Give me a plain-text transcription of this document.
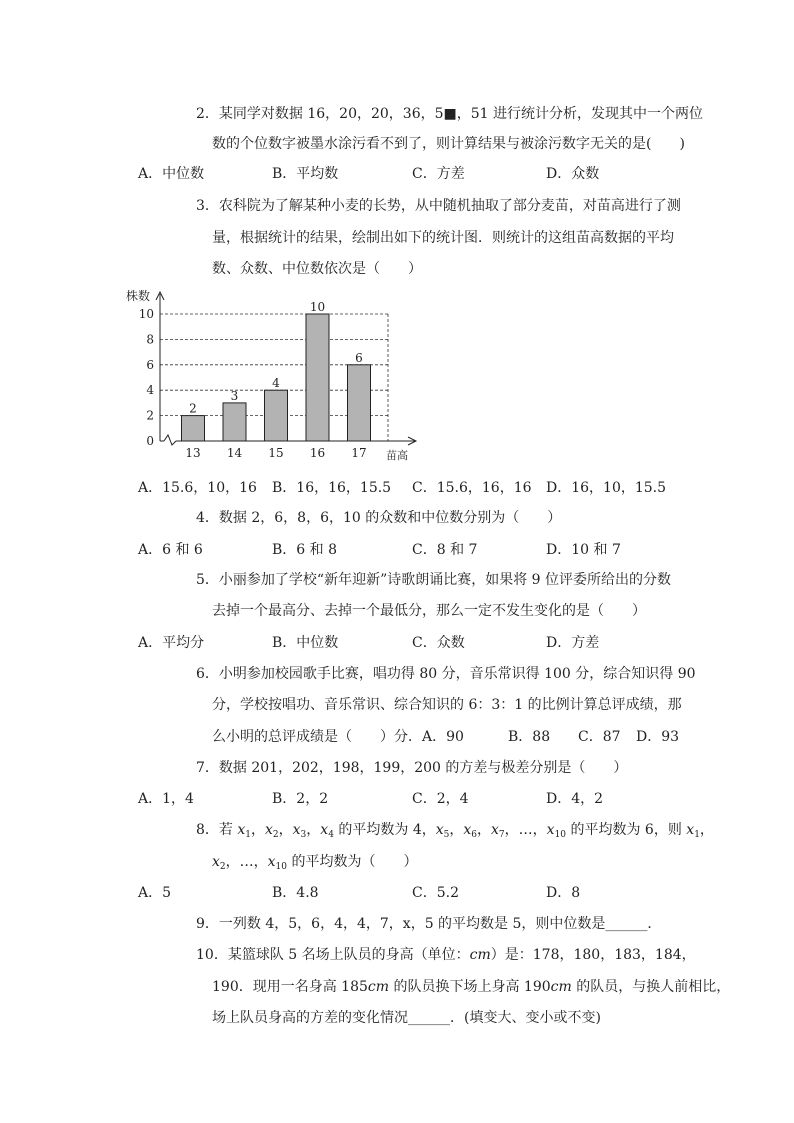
2．某同学对数据 16，20，20，36，5■，51 进行统计分析，发现其中一个两位
数的个位数字被墨水涂污看不到了，则计算结果与被涂污数字无关的是(　　)
A．中位数	B．平均数	C．方差	D．众数
3．农科院为了解某种小麦的长势，从中随机抽取了部分麦苗，对苗高进行了测
量，根据统计的结果，绘制出如下的统计图．则统计的这组苗高数据的平均
数、众数、中位数依次是（　　）
0
2
4
6
8
10
株数
苗高
2
13
3
14
4
15
10
16
6
17
A．15.6，10，16 B．16，16，15.5 C．15.6，16，16 D．16，10，15.5
4．数据 2，6，8，6，10 的众数和中位数分别为（　　）
A．6 和 6	B．6 和 8	C．8 和 7	D．10 和 7
5．小丽参加了学校“新年迎新”诗歌朗诵比赛，如果将 9 位评委所给出的分数
去掉一个最高分、去掉一个最低分，那么一定不发生变化的是（　　）
A．平均分	B．中位数	C．众数	D．方差
6．小明参加校园歌手比赛，唱功得 80 分，音乐常识得 100 分，综合知识得 90
分，学校按唱功、音乐常识、综合知识的 6：3：1 的比例计算总评成绩，那
么小明的总评成绩是（　　）分．A．90	B．88 C．87 D．93
7．数据 201，202，198，199，200 的方差与极差分别是（　　）
A．1，4	B．2，2	C．2，4	D．4，2
8．若 $x_1$，$x_2$，$x_3$，$x_4$ 的平均数为 4，$x_5$，$x_6$，$x_7$，…，$x_{10}$ 的平均数为 6，则 $x_1$，
$x_2$，…，$x_{10}$ 的平均数为（　　）
A．5	B．4.8	C．5.2	D．8
9．一列数 4，5，6，4，4，7，x，5 的平均数是 5，则中位数是______．
10．某篮球队 5 名场上队员的身高（单位：cm）是：178，180，183，184，
190．现用一名身高 185cm 的队员换下场上身高 190cm 的队员，与换人前相比，
场上队员身高的方差的变化情况______．(填变大、变小或不变)
